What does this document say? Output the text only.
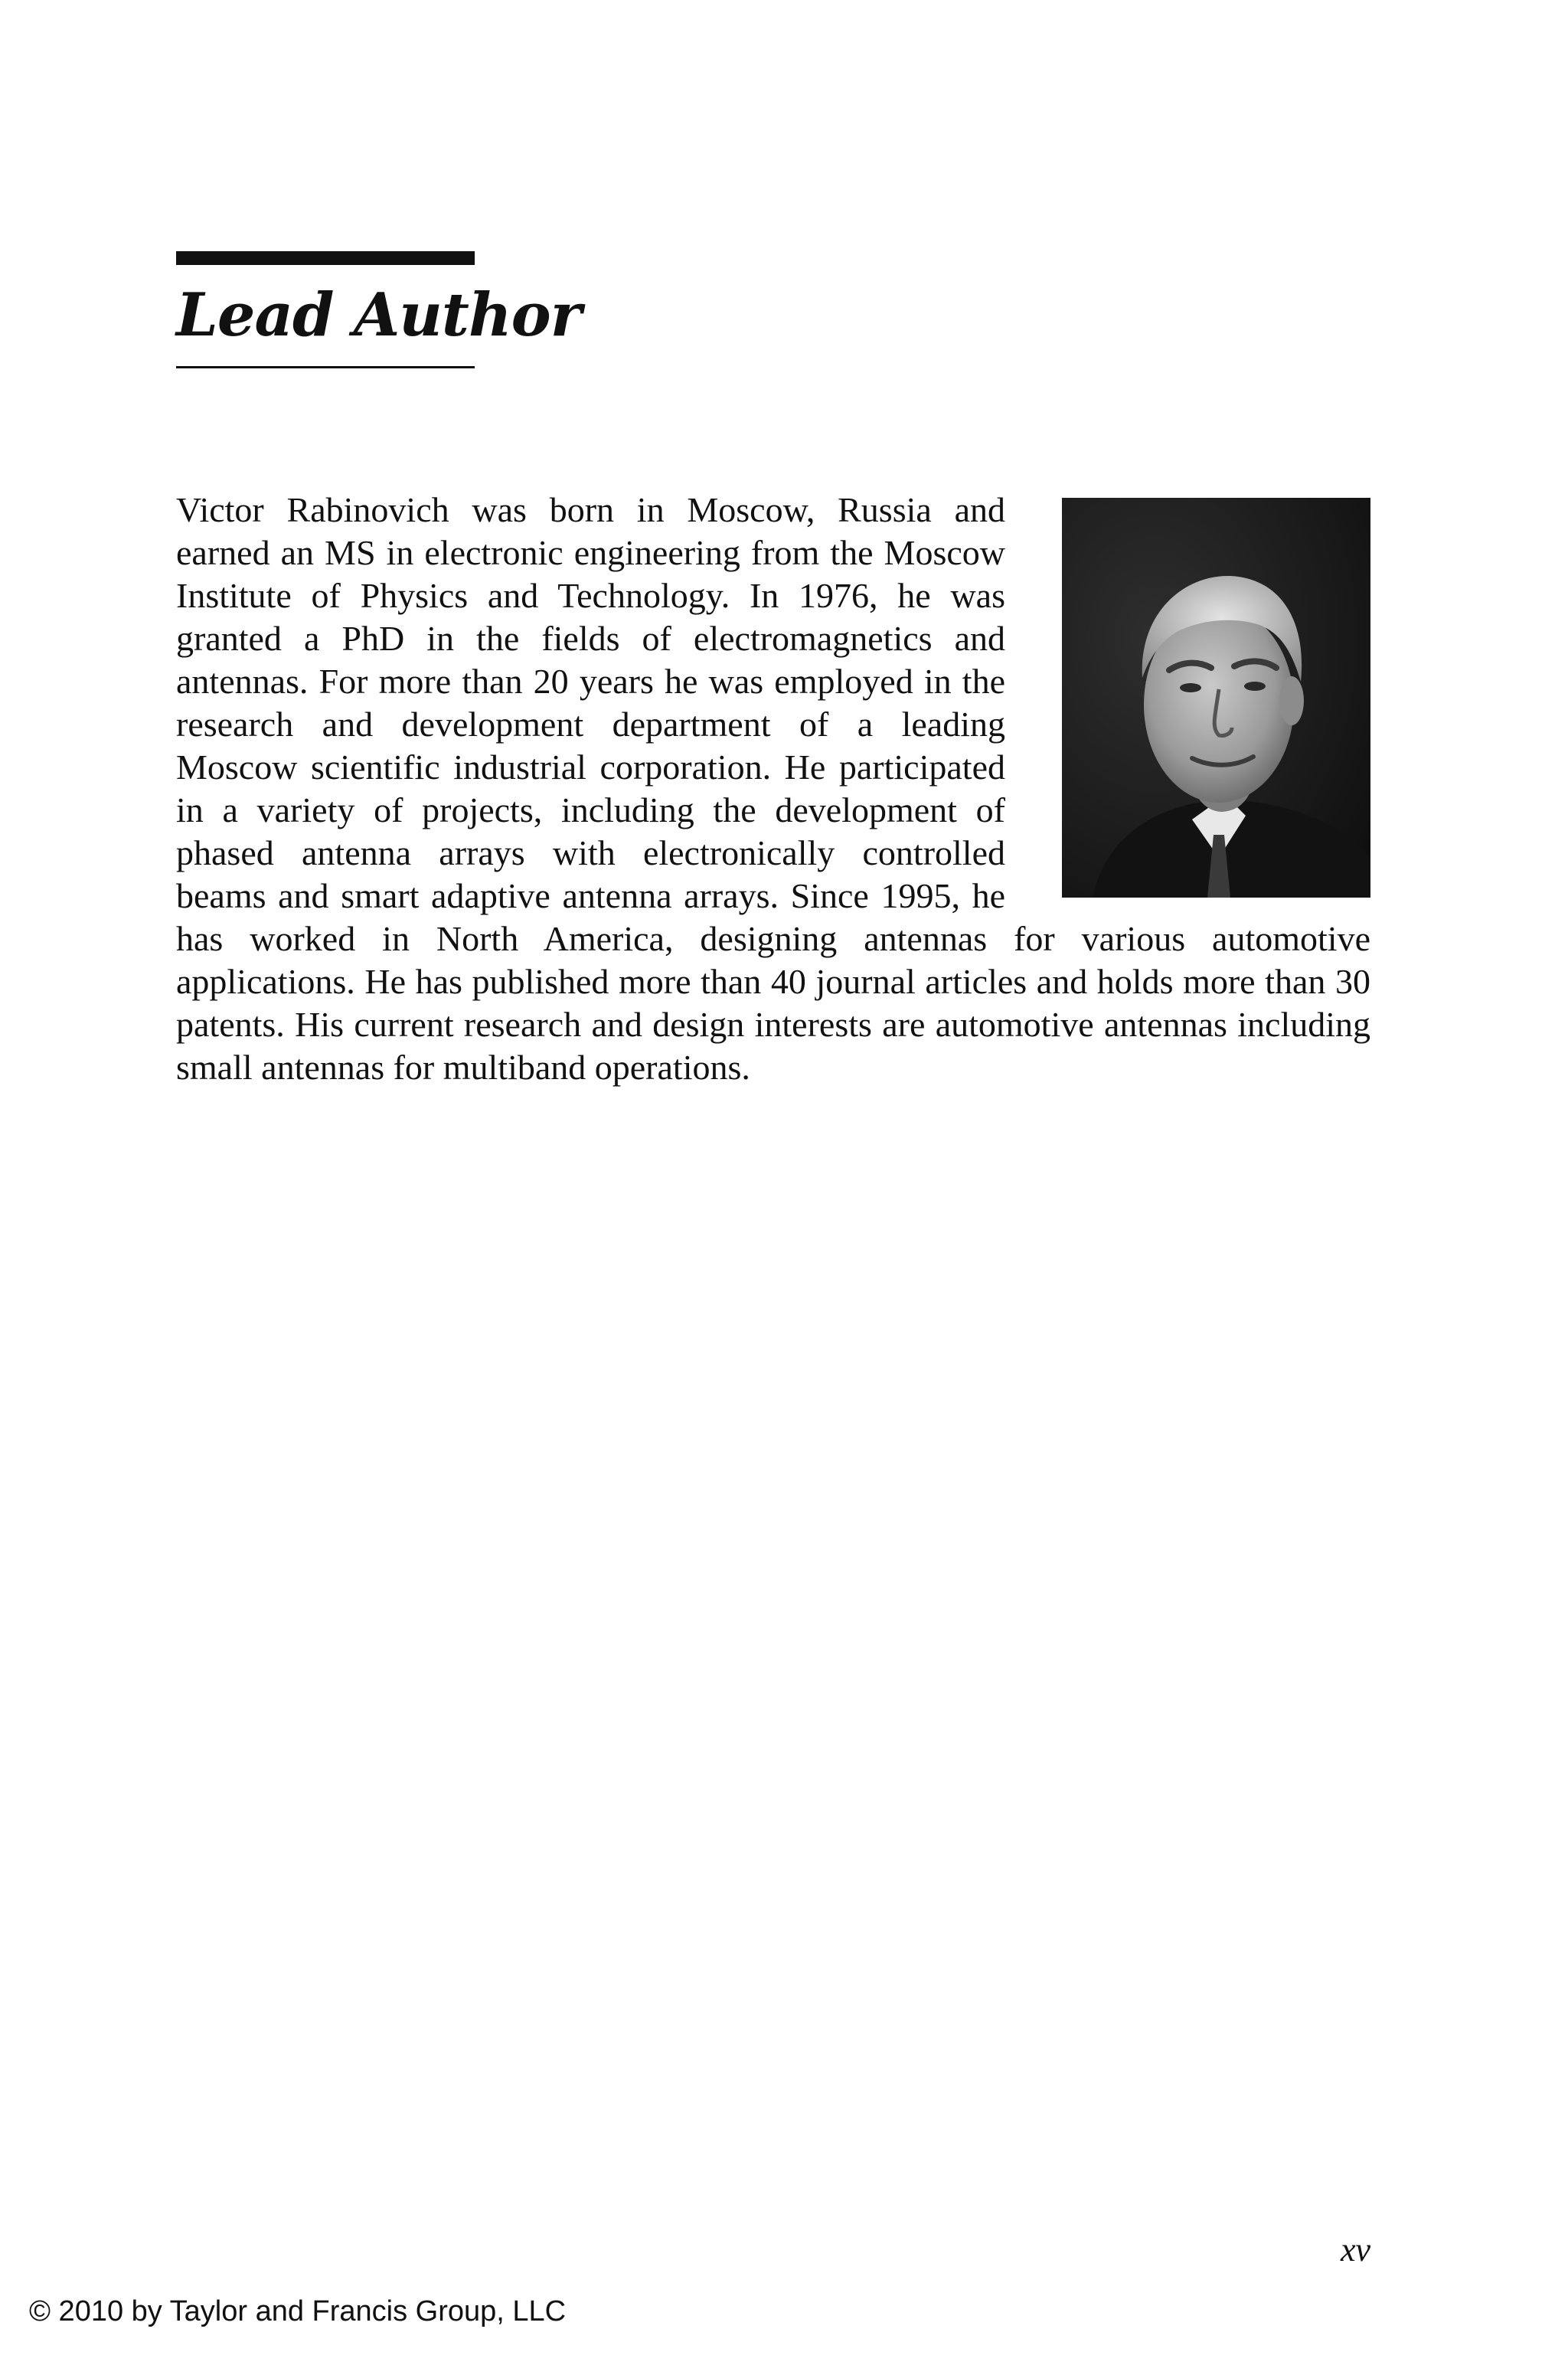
Lead Author

Victor Rabinovich was born in Moscow, Russia and earned an MS in electronic engineering from the Moscow Institute of Physics and Technology. In 1976, he was granted a PhD in the fields of electromagnetics and antennas. For more than 20 years he was employed in the research and development department of a leading Moscow scientific industrial corporation. He participated in a variety of projects, including the development of phased antenna arrays with electronically controlled beams and smart adaptive antenna arrays. Since 1995, he has worked in North America, designing antennas for various automotive applications. He has published more than 40 journal articles and holds more than 30 patents. His current research and design interests are automotive antennas including small antennas for multiband operations.

xv
© 2010 by Taylor and Francis Group, LLC
